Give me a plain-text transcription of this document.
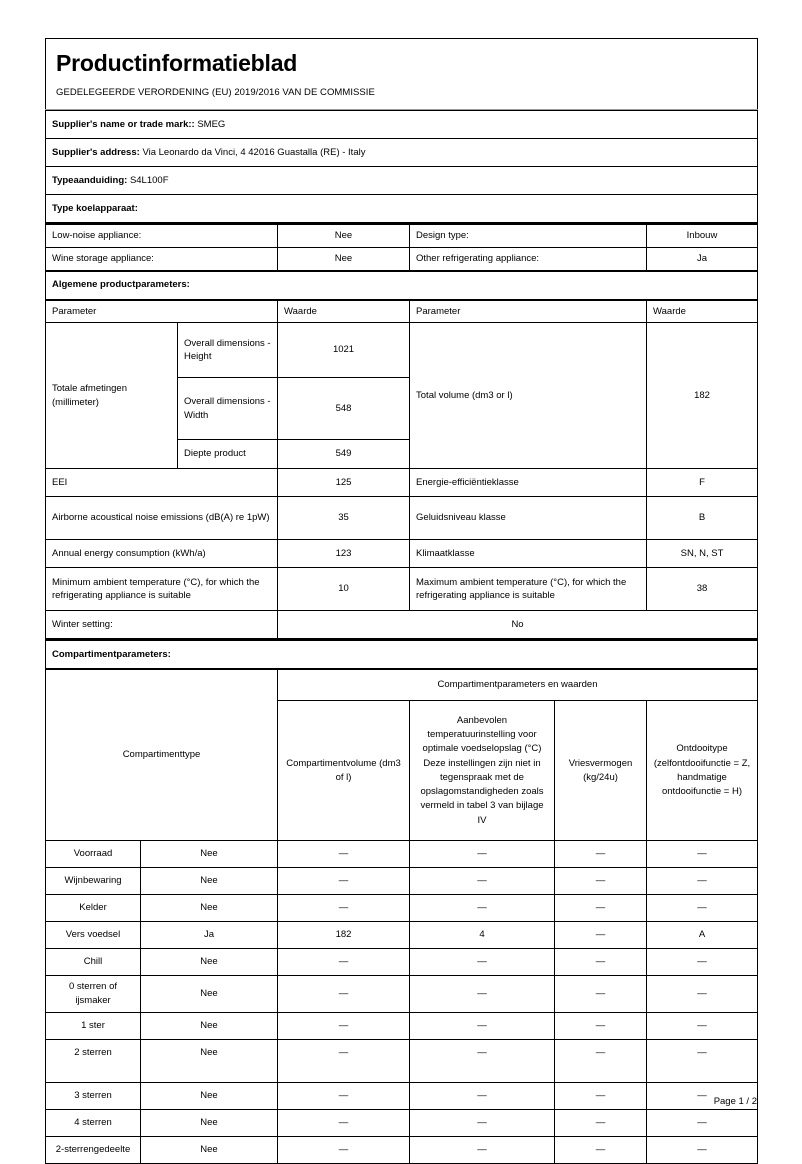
Productinformatieblad
GEDELEGEERDE VERORDENING (EU) 2019/2016 VAN DE COMMISSIE
Supplier's name or trade mark:: SMEG
Supplier's address: Via Leonardo da Vinci, 4 42016 Guastalla (RE) - Italy
Typeaanduiding: S4L100F
Type koelapparaat:
Low-noise appliance:	Nee	Design type:	Inbouw
Wine storage appliance:	Nee	Other refrigerating appliance:	Ja
Algemene productparameters:
Parameter		Waarde	Parameter	Waarde
Totale afmetingen (millimeter)	Overall dimensions - Height	1021	Total volume (dm3 or l)	182
	Overall dimensions - Width	548		
	Diepte product	549		
EEI		125	Energie-efficiëntieklasse	F
Airborne acoustical noise emissions (dB(A) re 1pW)		35	Geluidsniveau klasse	B
Annual energy consumption (kWh/a)		123	Klimaatklasse	SN, N, ST
Minimum ambient temperature (°C), for which the refrigerating appliance is suitable		10	Maximum ambient temperature (°C), for which the refrigerating appliance is suitable	38
Winter setting:		No		
Compartimentparameters:
Compartimenttype		Compartimentparameters en waarden			
		Compartimentvolume (dm3 of l)	Aanbevolen temperatuurinstelling voor optimale voedselopslag (°C) Deze instellingen zijn niet in tegenspraak met de opslagomstandigheden zoals vermeld in tabel 3 van bijlage IV	Vriesvermogen (kg/24u)	Ontdooitype (zelfontdooifunctie = Z, handmatige ontdooifunctie = H)
Voorraad	Nee	—	—	—	—
Wijnbewaring	Nee	—	—	—	—
Kelder	Nee	—	—	—	—
Vers voedsel	Ja	182	4	—	A
Chill	Nee	—	—	—	—
0 sterren of ijsmaker	Nee	—	—	—	—
1 ster	Nee	—	—	—	—
2 sterren	Nee	—	—	—	—
3 sterren	Nee	—	—	—	—
4 sterren	Nee	—	—	—	—
2-sterrengedeelte	Nee	—	—	—	—
Page 1 / 2
